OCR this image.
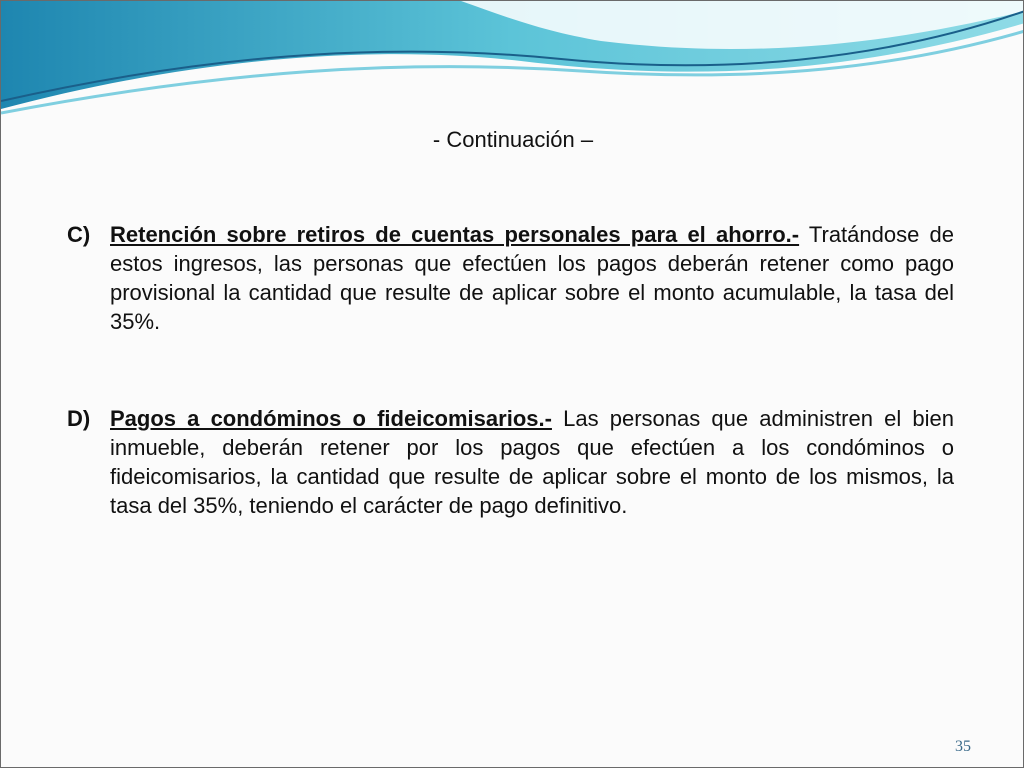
- Continuación –
C) Retención sobre retiros de cuentas personales para el ahorro.- Tratándose de estos ingresos, las personas que efectúen los pagos deberán retener como pago provisional la cantidad que resulte de aplicar sobre el monto acumulable, la tasa del 35%.
D) Pagos a condóminos o fideicomisarios.- Las personas que administren el bien inmueble, deberán retener por los pagos que efectúen a los condóminos o fideicomisarios, la cantidad que resulte de aplicar sobre el monto de los mismos, la tasa del 35%, teniendo el carácter de pago definitivo.
35
